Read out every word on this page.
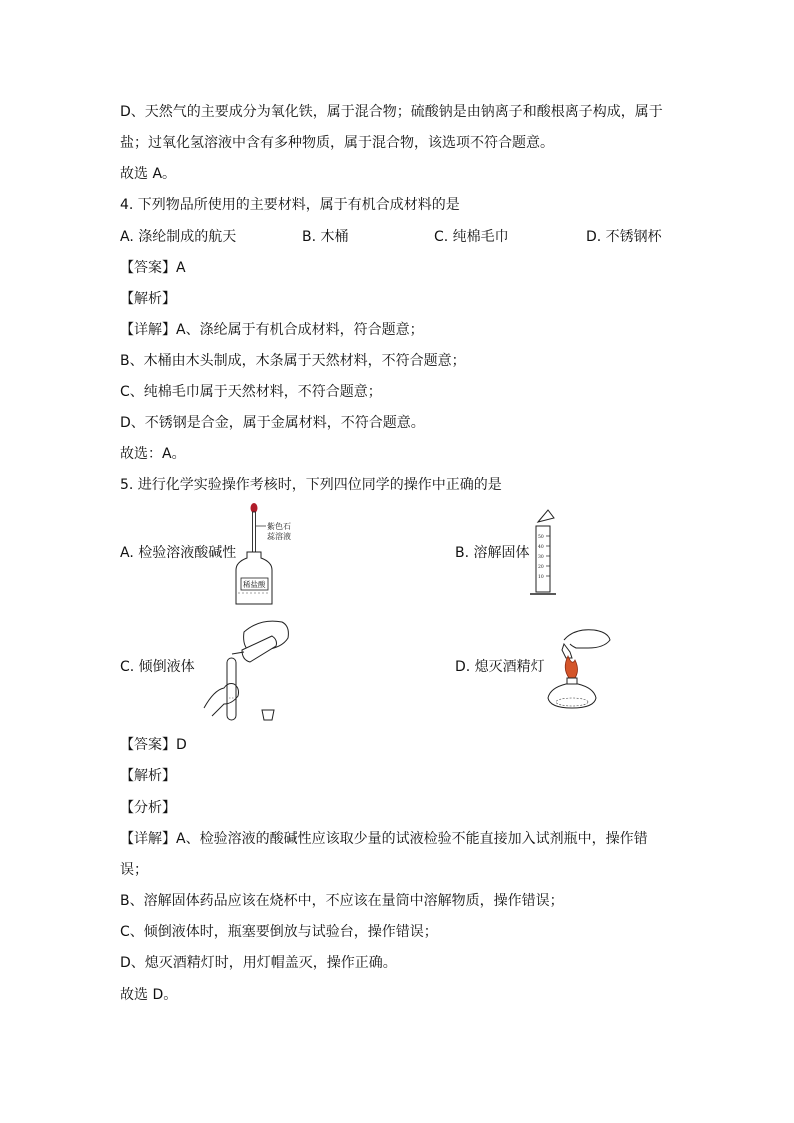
D、天然气的主要成分为氧化铁，属于混合物；硫酸钠是由钠离子和酸根离子构成，属于
盐；过氧化氢溶液中含有多种物质，属于混合物，该选项不符合题意。
故选 A。
4. 下列物品所使用的主要材料，属于有机合成材料的是
A. 涤纶制成的航天	B. 木桶	C. 纯棉毛巾	D. 不锈钢杯
【答案】A
【解析】
【详解】A、涤纶属于有机合成材料，符合题意；
B、木桶由木头制成，木条属于天然材料，不符合题意；
C、纯棉毛巾属于天然材料，不符合题意；
D、不锈钢是合金，属于金属材料，不符合题意。
故选：A。
5. 进行化学实验操作考核时，下列四位同学的操作中正确的是
A. 检验溶液酸碱性	B. 溶解固体
C. 倾倒液体	D. 熄灭酒精灯
紫色石
蕊溶液
稀盐酸
50
40
30
20
10
【答案】D
【解析】
【分析】
【详解】A、检验溶液的酸碱性应该取少量的试液检验不能直接加入试剂瓶中，操作错
误；
B、溶解固体药品应该在烧杯中，不应该在量筒中溶解物质，操作错误；
C、倾倒液体时，瓶塞要倒放与试验台，操作错误；
D、熄灭酒精灯时，用灯帽盖灭，操作正确。
故选 D。
